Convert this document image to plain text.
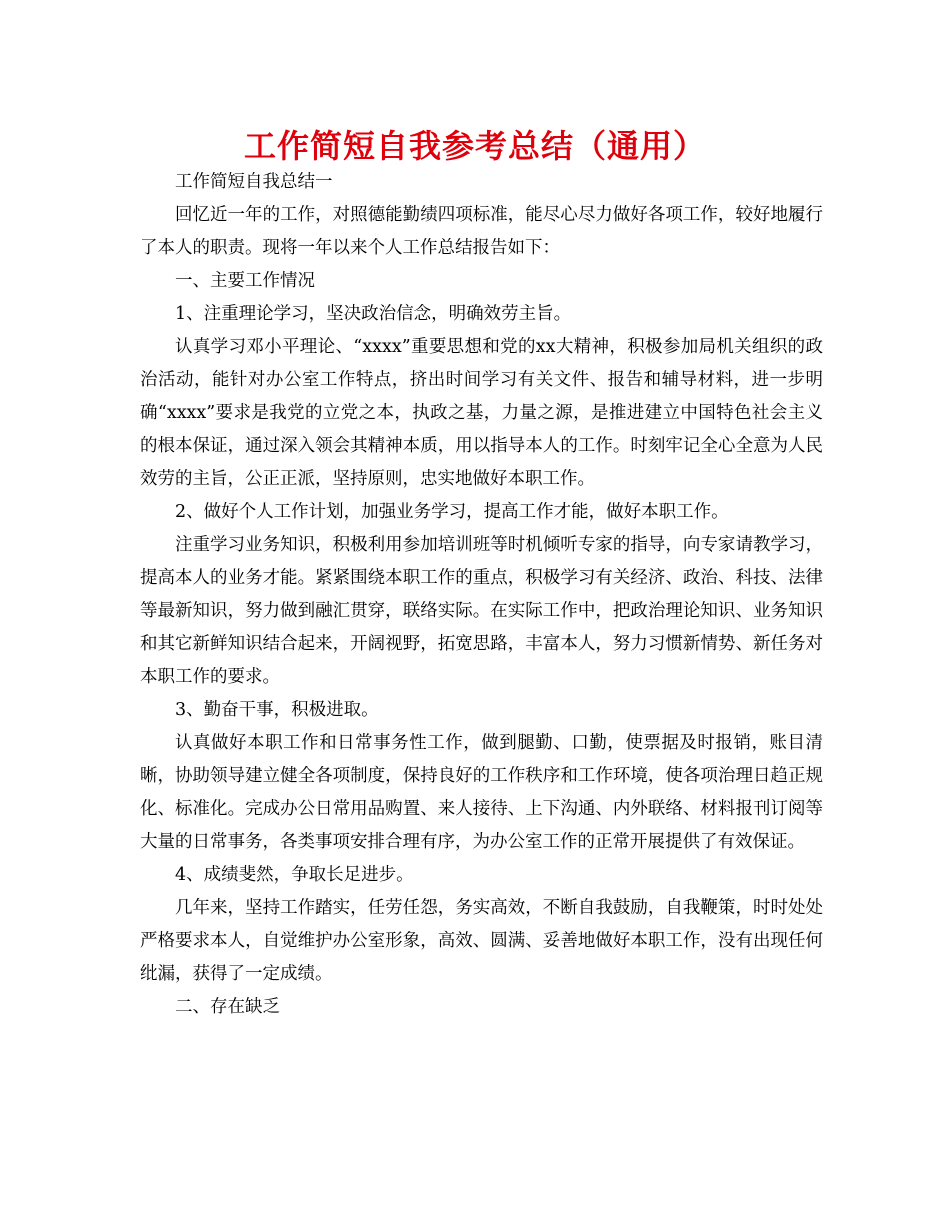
工作简短自我参考总结（通用）

工作简短自我总结一

回忆近一年的工作，对照德能勤绩四项标准，能尽心尽力做好各项工作，较好地履行了本人的职责。现将一年以来个人工作总结报告如下：

一、主要工作情况

1、注重理论学习，坚决政治信念，明确效劳主旨。

认真学习邓小平理论、“xxxx”重要思想和党的xx大精神，积极参加局机关组织的政治活动，能针对办公室工作特点，挤出时间学习有关文件、报告和辅导材料，进一步明确“xxxx”要求是我党的立党之本，执政之基，力量之源，是推进建立中国特色社会主义的根本保证，通过深入领会其精神本质，用以指导本人的工作。时刻牢记全心全意为人民效劳的主旨，公正正派，坚持原则，忠实地做好本职工作。

2、做好个人工作计划，加强业务学习，提高工作才能，做好本职工作。

注重学习业务知识，积极利用参加培训班等时机倾听专家的指导，向专家请教学习，提高本人的业务才能。紧紧围绕本职工作的重点，积极学习有关经济、政治、科技、法律等最新知识，努力做到融汇贯穿，联络实际。在实际工作中，把政治理论知识、业务知识和其它新鲜知识结合起来，开阔视野，拓宽思路，丰富本人，努力习惯新情势、新任务对本职工作的要求。

3、勤奋干事，积极进取。

认真做好本职工作和日常事务性工作，做到腿勤、口勤，使票据及时报销，账目清晰，协助领导建立健全各项制度，保持良好的工作秩序和工作环境，使各项治理日趋正规化、标准化。完成办公日常用品购置、来人接待、上下沟通、内外联络、材料报刊订阅等大量的日常事务，各类事项安排合理有序，为办公室工作的正常开展提供了有效保证。

4、成绩斐然，争取长足进步。

几年来，坚持工作踏实，任劳任怨，务实高效，不断自我鼓励，自我鞭策，时时处处严格要求本人，自觉维护办公室形象，高效、圆满、妥善地做好本职工作，没有出现任何纰漏，获得了一定成绩。

二、存在缺乏
